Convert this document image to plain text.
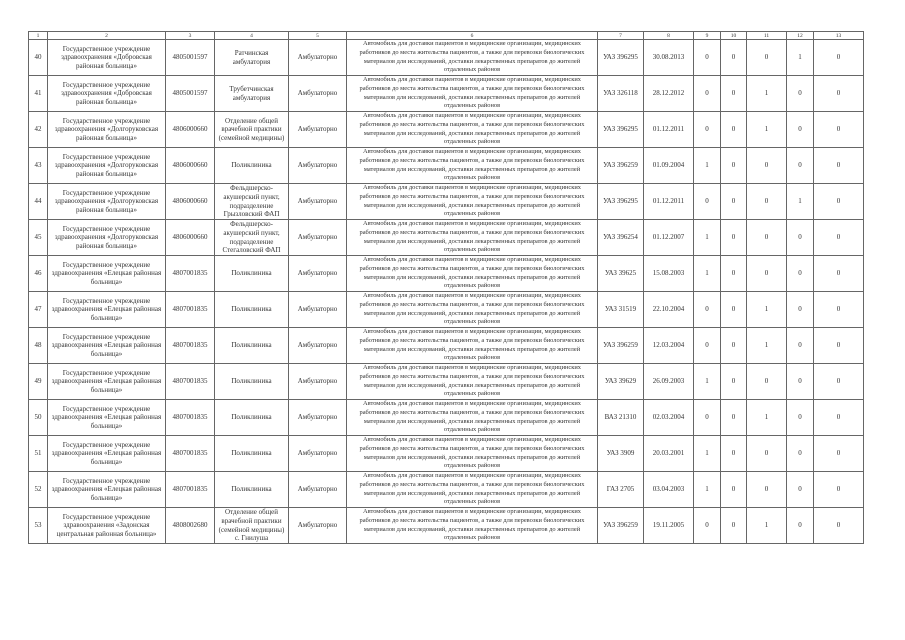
1	2	3	4	5	6	7	8	9	10	11	12	13
40	Государственное учреждение здравоохранения «Добровская районная больница»	4805001597	Ратчинская амбулатория	Амбулаторно	Автомобиль для доставки пациентов в медицинские организации, медицинских работников до места жительства пациентов, а также для перевозки биологических материалов для исследований, доставки лекарственных препаратов до жителей отдаленных районов	УАЗ 396295	30.08.2013	0	0	0	1	0
41	Государственное учреждение здравоохранения «Добровская районная больница»	4805001597	Трубетчинская амбулатория	Амбулаторно	Автомобиль для доставки пациентов в медицинские организации, медицинских работников до места жительства пациентов, а также для перевозки биологических материалов для исследований, доставки лекарственных препаратов до жителей отдаленных районов	УАЗ 326118	28.12.2012	0	0	1	0	0
42	Государственное учреждение здравоохранения «Долгоруковская районная больница»	4806000660	Отделение общей врачебной практики (семейной медицины)	Амбулаторно	Автомобиль для доставки пациентов в медицинские организации, медицинских работников до места жительства пациентов, а также для перевозки биологических материалов для исследований, доставки лекарственных препаратов до жителей отдаленных районов	УАЗ 396295	01.12.2011	0	0	1	0	0
43	Государственное учреждение здравоохранения «Долгоруковская районная больница»	4806000660	Поликлиника	Амбулаторно	Автомобиль для доставки пациентов в медицинские организации, медицинских работников до места жительства пациентов, а также для перевозки биологических материалов для исследований, доставки лекарственных препаратов до жителей отдаленных районов	УАЗ 396259	01.09.2004	1	0	0	0	0
44	Государственное учреждение здравоохранения «Долгоруковская районная больница»	4806000660	Фельдшерско-акушерский пункт, подразделение Грызловский ФАП	Амбулаторно	Автомобиль для доставки пациентов в медицинские организации, медицинских работников до места жительства пациентов, а также для перевозки биологических материалов для исследований, доставки лекарственных препаратов до жителей отдаленных районов	УАЗ 396295	01.12.2011	0	0	0	1	0
45	Государственное учреждение здравоохранения «Долгоруковская районная больница»	4806000660	Фельдшерско-акушерский пункт, подразделение Стегаловский ФАП	Амбулаторно	Автомобиль для доставки пациентов в медицинские организации, медицинских работников до места жительства пациентов, а также для перевозки биологических материалов для исследований, доставки лекарственных препаратов до жителей отдаленных районов	УАЗ 396254	01.12.2007	1	0	0	0	0
46	Государственное учреждение здравоохранения «Елецкая районная больница»	4807001835	Поликлиника	Амбулаторно	Автомобиль для доставки пациентов в медицинские организации, медицинских работников до места жительства пациентов, а также для перевозки биологических материалов для исследований, доставки лекарственных препаратов до жителей отдаленных районов	УАЗ 39625	15.08.2003	1	0	0	0	0
47	Государственное учреждение здравоохранения «Елецкая районная больница»	4807001835	Поликлиника	Амбулаторно	Автомобиль для доставки пациентов в медицинские организации, медицинских работников до места жительства пациентов, а также для перевозки биологических материалов для исследований, доставки лекарственных препаратов до жителей отдаленных районов	УАЗ 31519	22.10.2004	0	0	1	0	0
48	Государственное учреждение здравоохранения «Елецкая районная больница»	4807001835	Поликлиника	Амбулаторно	Автомобиль для доставки пациентов в медицинские организации, медицинских работников до места жительства пациентов, а также для перевозки биологических материалов для исследований, доставки лекарственных препаратов до жителей отдаленных районов	УАЗ 396259	12.03.2004	0	0	1	0	0
49	Государственное учреждение здравоохранения «Елецкая районная больница»	4807001835	Поликлиника	Амбулаторно	Автомобиль для доставки пациентов в медицинские организации, медицинских работников до места жительства пациентов, а также для перевозки биологических материалов для исследований, доставки лекарственных препаратов до жителей отдаленных районов	УАЗ 39629	26.09.2003	1	0	0	0	0
50	Государственное учреждение здравоохранения «Елецкая районная больница»	4807001835	Поликлиника	Амбулаторно	Автомобиль для доставки пациентов в медицинские организации, медицинских работников до места жительства пациентов, а также для перевозки биологических материалов для исследований, доставки лекарственных препаратов до жителей отдаленных районов	ВАЗ 21310	02.03.2004	0	0	1	0	0
51	Государственное учреждение здравоохранения «Елецкая районная больница»	4807001835	Поликлиника	Амбулаторно	Автомобиль для доставки пациентов в медицинские организации, медицинских работников до места жительства пациентов, а также для перевозки биологических материалов для исследований, доставки лекарственных препаратов до жителей отдаленных районов	УАЗ 3909	20.03.2001	1	0	0	0	0
52	Государственное учреждение здравоохранения «Елецкая районная больница»	4807001835	Поликлиника	Амбулаторно	Автомобиль для доставки пациентов в медицинские организации, медицинских работников до места жительства пациентов, а также для перевозки биологических материалов для исследований, доставки лекарственных препаратов до жителей отдаленных районов	ГАЗ 2705	03.04.2003	1	0	0	0	0
53	Государственное учреждение здравоохранения «Задонская центральная районная больница»	4808002680	Отделение общей врачебной практики (семейной медицины) с. Гнилуша	Амбулаторно	Автомобиль для доставки пациентов в медицинские организации, медицинских работников до места жительства пациентов, а также для перевозки биологических материалов для исследований, доставки лекарственных препаратов до жителей отдаленных районов	УАЗ 396259	19.11.2005	0	0	1	0	0
